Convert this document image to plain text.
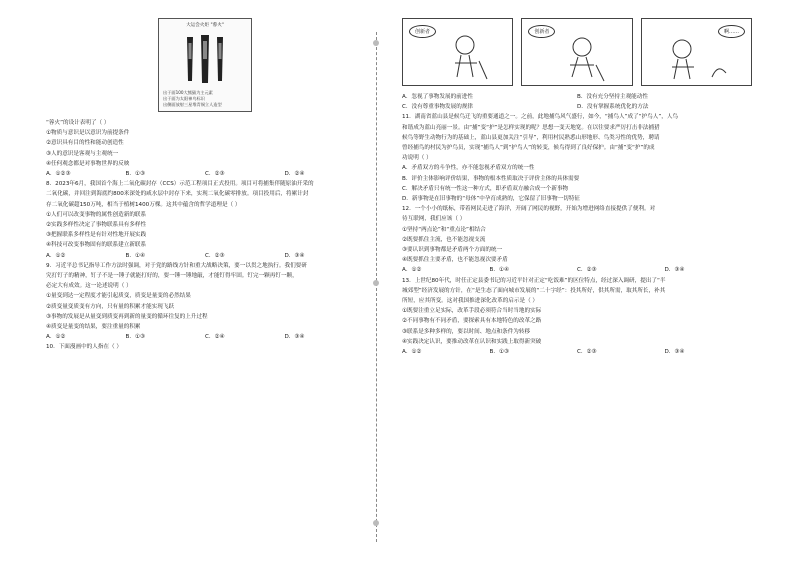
大运会火炬 "蓉火"
出于面100大熊猫为主元素
出于面为太阳神鸟标识
出侧面放射三星堆青铜立人造型

“蓉火”的设计表明了（ ）

①物质与意识是以意识为前提条件

②意识具有目的性和能动创造性

③人的意识是客观与主观统一

④任何观念都是对事物世界的反映

A．①②③	B．①③	C．②③	D．②④

8．2023年6月，我国首个海上二氧化碳封存（CCS）示范工程项目正式投用。项目可将捕集伴随原油开采的

二氧化碳，并回注到海底约800米深处的咸水层中封存下来，实现二氧化碳零排放。项目投用后，将累计封

存二氧化碳超150万吨，相当于植树1400万棵。这其中蕴含的哲学道理是（ ）

①人们可以改变事物的属性创造新的联系

②实践多样性决定了事物联系具有多样性

③把握联系多样性是有针对性地开展实践

④科技可改变事物固有的联系建立新联系

A．①②	B．①④	C．②③	D．③④

9．习近平总书记指导工作方法时强调，对于党的路线方针和重大战略决策，要一以贯之地执行。我们要研

究打钉子的精神，钉子不是一锤子就能打好的，要一锤一锤地敲，才能钉得牢固。钉完一颗再钉一颗，

必定大有成效。这一论述说明（ ）

①量变到达一定程度才能引起质变，质变是量变的必然结果

②质变量变质变有方向，只有量的积累才能实现飞跃

③事物的发展是从量变到质变再到新的量变的循环往复的上升过程

④质变是量变的结果，要注重量的积累

A．①②	B．①③	C．②④	D．③④

10．下面漫画中的人指在（ ）

创新者	创新者	啊……
A．忽视了事物发展的前进性	B．没有充分坚持主观能动性
C．没有尊重事物发展的规律	D．没有掌握系统优化的方法

11．湖南省蓝山县是候鸟迁飞的重要通道之一。之前，此地捕鸟风气盛行，如今，“捕鸟人”成了“护鸟人”，人鸟

和谐成为蓝山亮丽一景。由“捕”变“护”是怎样实现的呢？思想一变天地宽。在以往要求严厉打击非法捕猎

候鸟等野生动物行为的基础上，蓝山县更加关注“引导”，利用村民熟悉山形地形、鸟类习性的优势，聘请

曾经捕鸟的村民为护鸟员，实现“捕鸟人”到“护鸟人”的转变，候鸟得到了良好保护。由“捕”变“护”的成

功说明（ ）

A．矛盾双方的斗争性，亦不能忽视矛盾双方的统一性

B．评价主体影响评价结果，事物的根本性质取决于评价主体的具体需要

C．解决矛盾只有统一性这一种方式，即矛盾双方融合成一个新事物

D．新事物是在旧事物的“母体”中孕育成熟的，它保留了旧事物一切特征

12．一个小小的纸标，带着网民走进了海洋，开阔了网民的视野，开始为增进网络直接提供了便利。对

待互联网，我们应该（ ）

①坚持“两点论”和“重点论”相结合

②既要抓住主流，也不能忽视支流

③要认识到事物都是矛盾两个方面的统一

④既要抓住主要矛盾，也不能忽视次要矛盾

A．①②	B．①④	C．②③	D．③④

13．上世纪80年代，时任正定县委书记的习近平针对正定“吃饭难”的区位特点，经过深入调研，提出了“半

城郊型”经济发展的方针，在“是生态了面向城市发展的“二十字经”：投其所好，供其所需，取其所长，补其

所短，应其所变。这对我国推进深化改革的启示是（ ）

①既要注重立足实际，改革手段必须符合当时当地的实际

②不同事物有不同矛盾，要探索具有本地特色的改革之路

③联系是多种多样的，要以时间、地点和条件为转移

④实践决定认识，要推动改革在认识和实践上取得新突破

A．①②	B．①③	C．②③	D．③④
